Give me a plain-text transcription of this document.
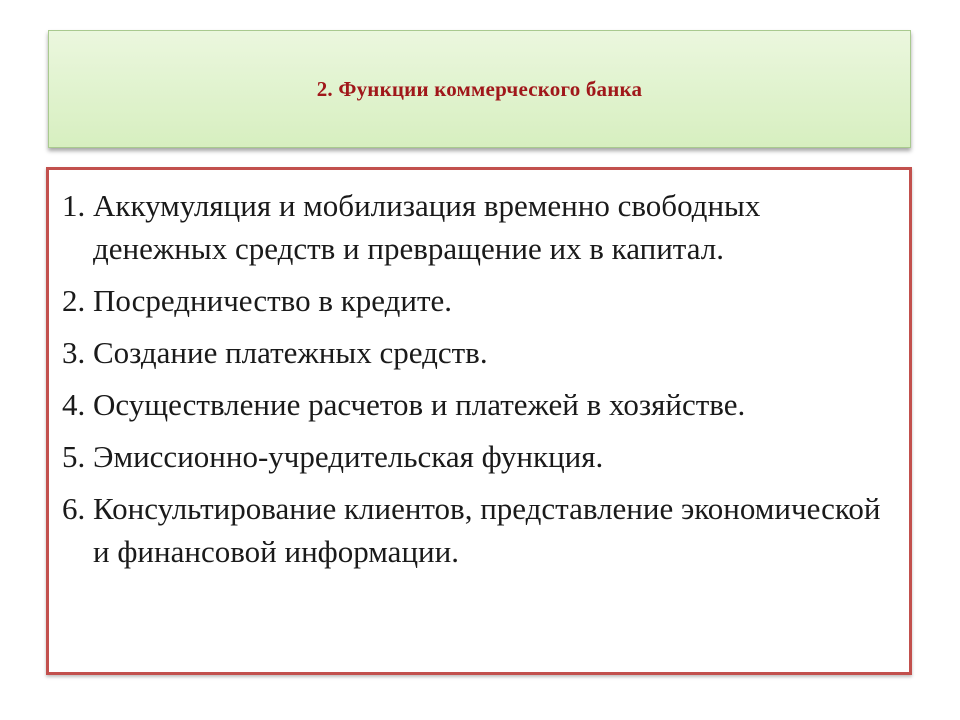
2. Функции коммерческого банка
1. Аккумуляция и мобилизация временно свободных денежных средств и превращение их в капитал.
2. Посредничество в кредите.
3. Создание платежных средств.
4. Осуществление расчетов и платежей в хозяйстве.
5. Эмиссионно-учредительская функция.
6. Консультирование клиентов, представление экономической и финансовой информации.
